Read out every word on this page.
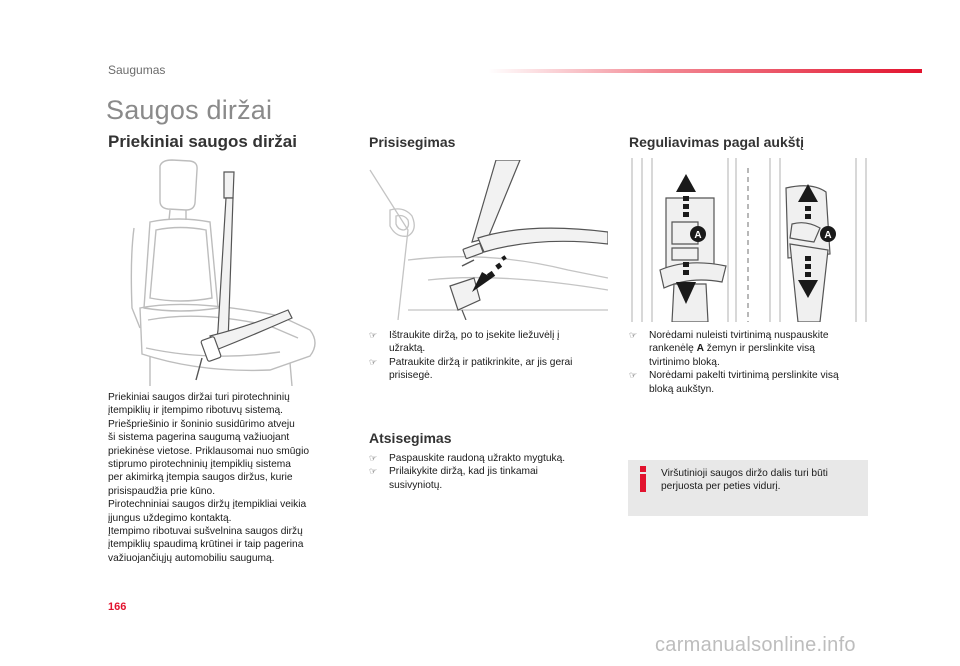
Saugumas
Saugos diržai
Priekiniai saugos diržai
Priekiniai saugos diržai turi pirotechninių
įtempiklių ir įtempimo ribotuvų sistemą.
Priešpriešinio ir šoninio susidūrimo atveju
ši sistema pagerina saugumą važiuojant
priekinėse vietose. Priklausomai nuo smūgio
stiprumo pirotechninių įtempiklių sistema
per akimirką įtempia saugos diržus, kurie
prisispaudžia prie kūno.
Pirotechniniai saugos diržų įtempikliai veikia
įjungus uždegimo kontaktą.
Įtempimo ribotuvai sušvelnina saugos diržų
įtempiklių spaudimą krūtinei ir taip pagerina
važiuojančiųjų automobiliu saugumą.
Prisisegimas
☞ Ištraukite diržą, po to įsekite liežuvėlį į
užraktą.
☞ Patraukite diržą ir patikrinkite, ar jis gerai
prisisegė.
Atsisegimas
☞ Paspauskite raudoną užrakto mygtuką.
☞ Prilaikykite diržą, kad jis tinkamai
susivyniotų.
Reguliavimas pagal aukštį
A	A
☞ Norėdami nuleisti tvirtinimą nuspauskite
rankenėlę A žemyn ir perslinkite visą
tvirtinimo bloką.
☞ Norėdami pakelti tvirtinimą perslinkite visą
bloką aukštyn.
Viršutinioji saugos diržo dalis turi būti
perjuosta per peties vidurį.
166
carmanualsonline.info
